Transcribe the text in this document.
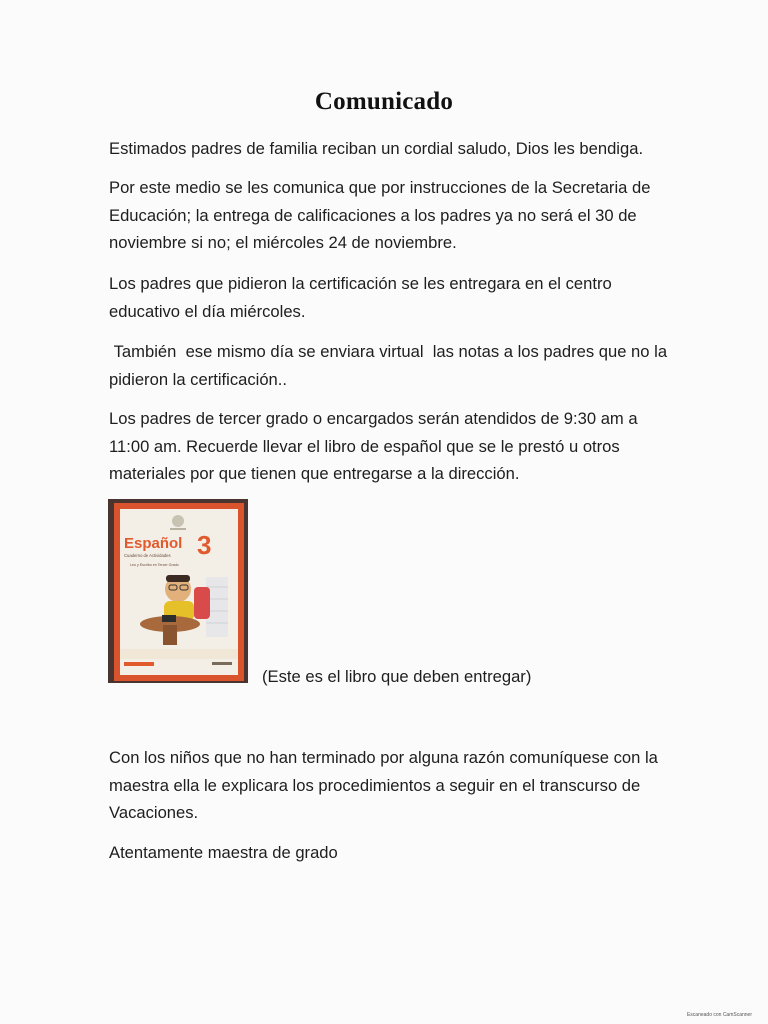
Comunicado
Estimados padres de familia reciban un cordial saludo, Dios les bendiga.
Por este medio se les comunica que por instrucciones de la Secretaria de Educación; la entrega de calificaciones a los padres ya no será el 30 de noviembre si no; el miércoles 24 de noviembre.
Los padres que pidieron la certificación se les entregara en el centro educativo el día miércoles.
También  ese mismo día se enviara virtual  las notas a los padres que no la pidieron la certificación..
Los padres de tercer grado o encargados serán atendidos de 9:30 am a 11:00 am. Recuerde llevar el libro de español que se le prestó u otros materiales por que tienen que entregarse a la dirección.
Español 3
Cuaderno de Actividades
Leo y Escribo en Tercer Grado
(Este es el libro que deben entregar)
Con los niños que no han terminado por alguna razón comuníquese con la maestra ella le explicara los procedimientos a seguir en el transcurso de Vacaciones.
Atentamente maestra de grado
Escaneado con CamScanner
